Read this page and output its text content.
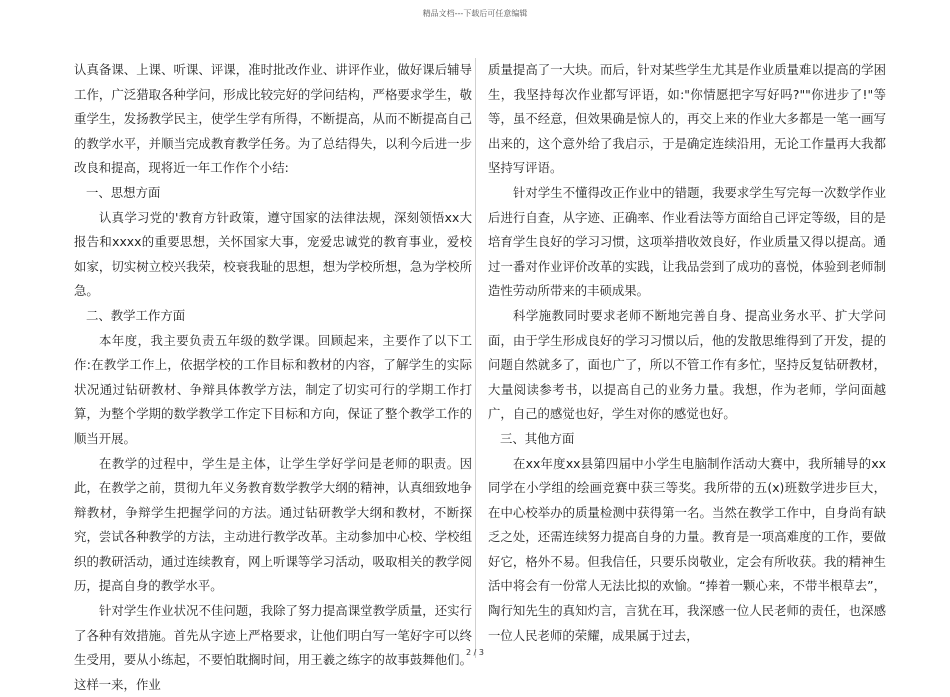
精品文档---下载后可任意编辑

认真备课、上课、听课、评课，准时批改作业、讲评作业，做好课后辅导工作，广泛猎取各种学问，形成比较完好的学问结构，严格要求学生，敬重学生，发扬教学民主，使学生学有所得，不断提高，从而不断提高自己的教学水平，并顺当完成教育教学任务。为了总结得失，以利今后进一步改良和提高，现将近一年工作作个小结:

一、思想方面

认真学习党的'教育方针政策，遵守国家的法律法规，深刻领悟xx大报告和xxxx的重要思想，关怀国家大事，宠爱忠诚党的教育事业，爱校如家，切实树立校兴我荣，校衰我耻的思想，想为学校所想，急为学校所急。

二、教学工作方面

本年度，我主要负责五年级的数学课。回顾起来，主要作了以下工作:在教学工作上，依据学校的工作目标和教材的内容，了解学生的实际状况通过钻研教材、争辩具体教学方法，制定了切实可行的学期工作打算，为整个学期的数学教学工作定下目标和方向，保证了整个教学工作的顺当开展。

在教学的过程中，学生是主体，让学生学好学问是老师的职责。因此，在教学之前，贯彻九年义务教育数学教学大纲的精神，认真细致地争辩教材，争辩学生把握学问的方法。通过钻研教学大纲和教材，不断探究，尝试各种教学的方法，主动进行教学改革。主动参加中心校、学校组织的教研活动，通过连续教育，网上听课等学习活动，吸取相关的教学阅历，提高自身的教学水平。

针对学生作业状况不佳问题，我除了努力提高课堂教学质量，还实行了各种有效措施。首先从字迹上严格要求，让他们明白写一笔好字可以终生受用，要从小练起，不要怕耽搁时间，用王羲之练字的故事鼓舞他们。这样一来，作业

质量提高了一大块。而后，针对某些学生尤其是作业质量难以提高的学困生，我坚持每次作业都写评语，如:"你情愿把字写好吗?""你进步了!"等等，虽不经意，但效果确是惊人的，再交上来的作业大多都是一笔一画写出来的，这个意外给了我启示，于是确定连续沿用，无论工作量再大我都坚持写评语。

针对学生不懂得改正作业中的错题，我要求学生写完每一次数学作业后进行自查，从字迹、正确率、作业看法等方面给自己评定等级，目的是培育学生良好的学习习惯，这项举措收效良好，作业质量又得以提高。通过一番对作业评价改革的实践，让我品尝到了成功的喜悦，体验到老师制造性劳动所带来的丰硕成果。

科学施教同时要求老师不断地完善自身、提高业务水平、扩大学问面，由于学生形成良好的学习习惯以后，他的发散思维得到了开发，提的问题自然就多了，面也广了，所以不管工作有多忙，坚持反复钻研教材，大量阅读参考书，以提高自己的业务力量。我想，作为老师，学问面越广，自己的感觉也好，学生对你的感觉也好。

三、其他方面

在xx年度xx县第四届中小学生电脑制作活动大赛中，我所辅导的xx同学在小学组的绘画竞赛中获三等奖。我所带的五(x)班数学进步巨大，在中心校举办的质量检测中获得第一名。当然在教学工作中，自身尚有缺乏之处，还需连续努力提高自身的力量。教育是一项高难度的工作，要做好它，格外不易。但我信任，只要乐岗敬业，定会有所收获。我的精神生活中将会有一份常人无法比拟的欢愉。“捧着一颗心来，不带半根草去”，陶行知先生的真知灼言，言犹在耳，我深感一位人民老师的责任，也深感一位人民老师的荣耀，成果属于过去，

2 / 3
